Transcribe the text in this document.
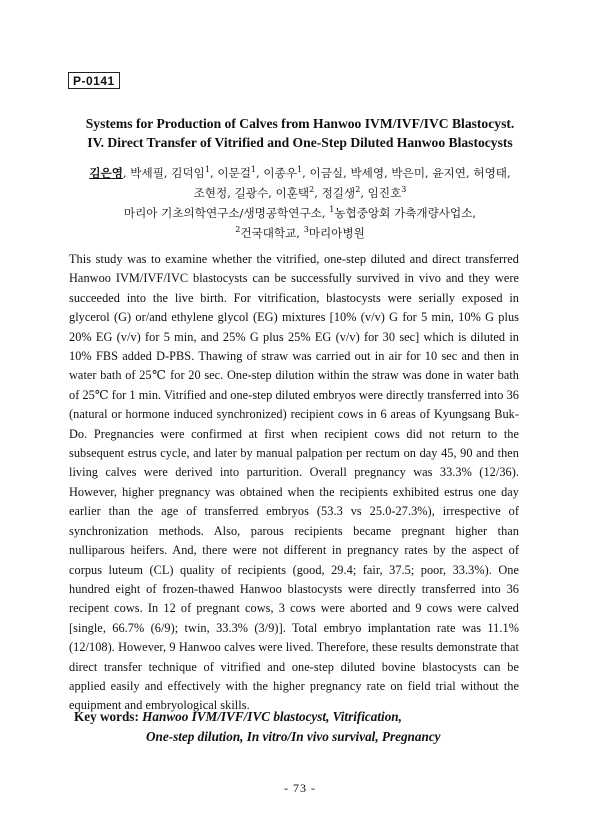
P-0141
Systems for Production of Calves from Hanwoo IVM/IVF/IVC Blastocyst.
IV. Direct Transfer of Vitrified and One-Step Diluted Hanwoo Blastocysts
김은영, 박세필, 김덕임$^1$, 이문걸$^1$, 이종우$^1$, 이금실, 박세영, 박은미, 윤지연, 허영태,
조현정, 길광수, 이훈택$^2$, 정길생$^2$, 임진호$^3$
마리아 기초의학연구소/생명공학연구소, $^1$농협중앙회 가축개량사업소,
$^2$건국대학교, $^3$마리아병원
This study was to examine whether the vitrified, one-step diluted and direct transferred Hanwoo IVM/IVF/IVC blastocysts can be successfully survived in vivo and they were succeeded into the live birth. For vitrification, blastocysts were serially exposed in glycerol (G) or/and ethylene glycol (EG) mixtures [10% (v/v) G for 5 min, 10% G plus 20% EG (v/v) for 5 min, and 25% G plus 25% EG (v/v) for 30 sec] which is diluted in 10% FBS added D-PBS. Thawing of straw was carried out in air for 10 sec and then in water bath of 25℃ for 20 sec. One-step dilution within the straw was done in water bath of 25℃ for 1 min. Vitrified and one-step diluted embryos were directly transferred into 36 (natural or hormone induced synchronized) recipient cows in 6 areas of Kyungsang Buk-Do. Pregnancies were confirmed at first when recipient cows did not return to the subsequent estrus cycle, and later by manual palpation per rectum on day 45, 90 and then living calves were derived into parturition. Overall pregnancy was 33.3% (12/36). However, higher pregnancy was obtained when the recipients exhibited estrus one day earlier than the age of transferred embryos (53.3 vs 25.0-27.3%), irrespective of synchronization methods. Also, parous recipients became pregnant higher than nulliparous heifers. And, there were not different in pregnancy rates by the aspect of corpus luteum (CL) quality of recipients (good, 29.4; fair, 37.5; poor, 33.3%). One hundred eight of frozen-thawed Hanwoo blastocysts were directly transferred into 36 recipent cows. In 12 of pregnant cows, 3 cows were aborted and 9 cows were calved [single, 66.7% (6/9); twin, 33.3% (3/9)]. Total embryo implantation rate was 11.1% (12/108). However, 9 Hanwoo calves were lived. Therefore, these results demonstrate that direct transfer technique of vitrified and one-step diluted bovine blastocysts can be applied easily and effectively with the higher pregnancy rate on field trial without the equipment and embryological skills.
Key words: Hanwoo IVM/IVF/IVC blastocyst, Vitrification,
One-step dilution, In vitro/In vivo survival, Pregnancy
- 73 -
